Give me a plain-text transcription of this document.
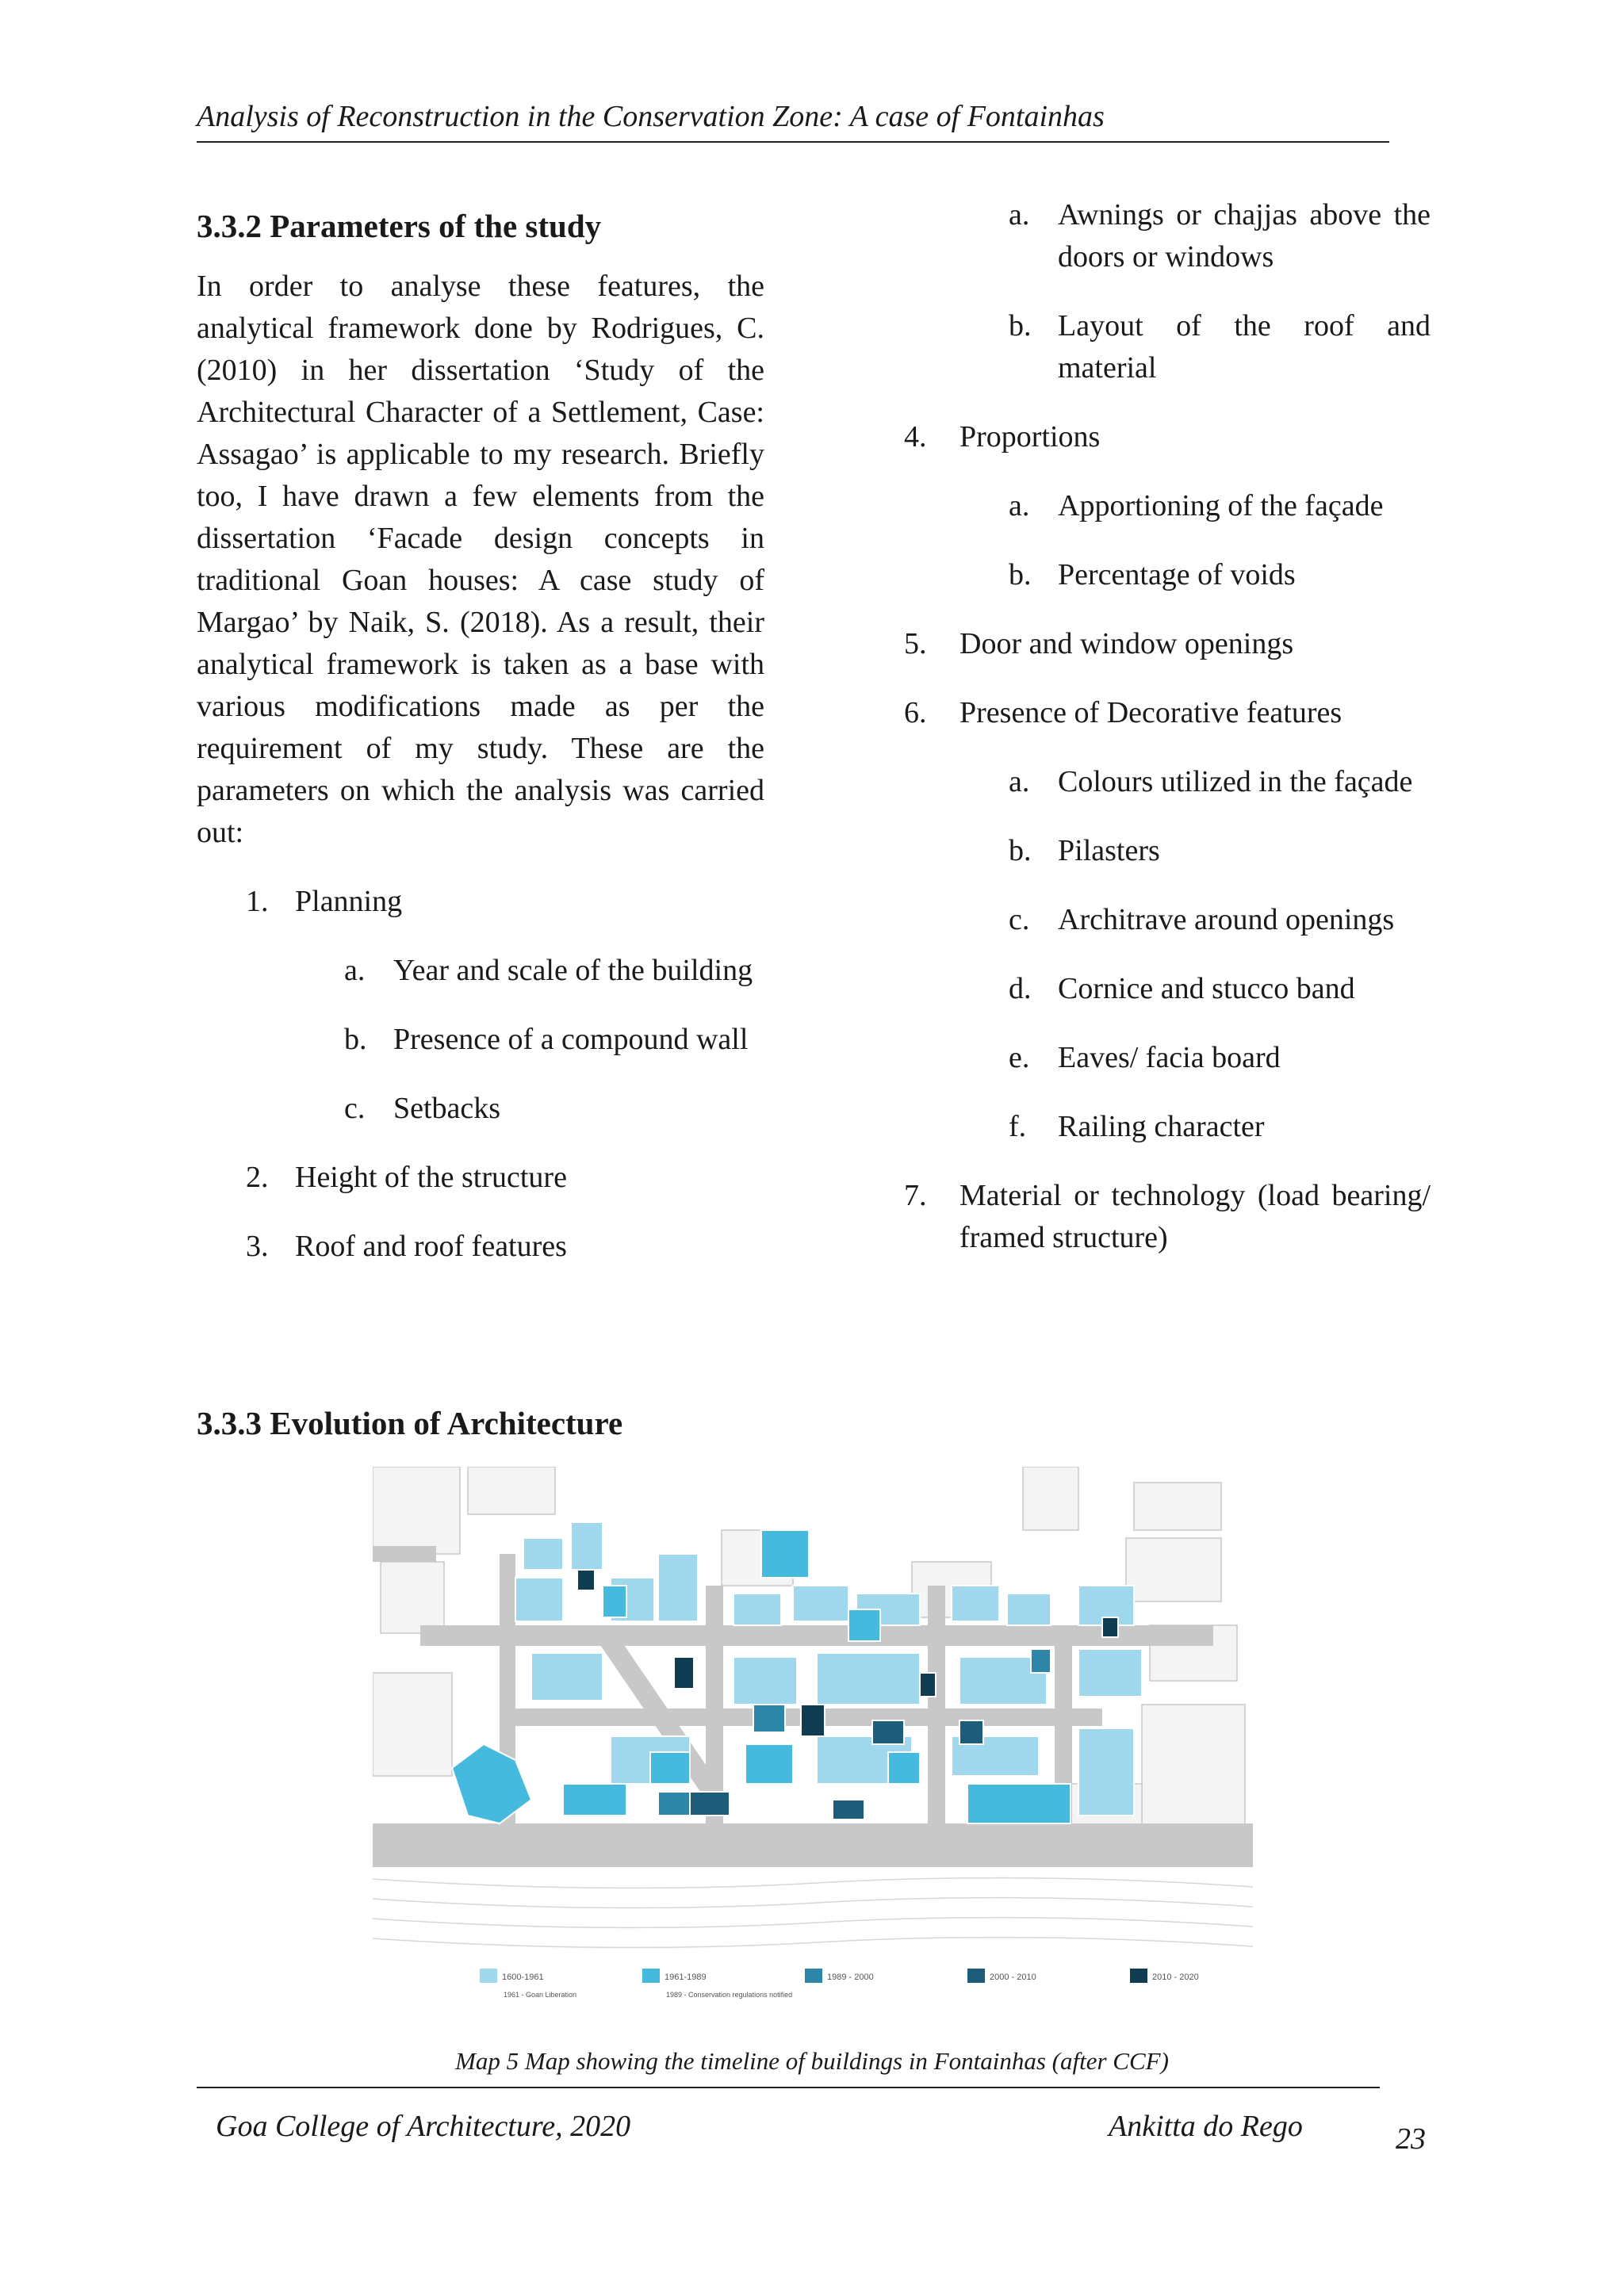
Analysis of Reconstruction in the Conservation Zone: A case of Fontainhas
3.3.2 Parameters of the study

In order to analyse these features, the analytical framework done by Rodrigues, C. (2010) in her dissertation ‘Study of the Architectural Character of a Settlement, Case: Assagao’ is applicable to my research. Briefly too, I have drawn a few elements from the dissertation ‘Facade design concepts in traditional Goan houses: A case study of Margao’ by Naik, S. (2018). As a result, their analytical framework is taken as a base with various modifications made as per the requirement of my study. These are the parameters on which the analysis was carried out:

1. Planning
a. Year and scale of the building
b. Presence of a compound wall
c. Setbacks
2. Height of the structure
3. Roof and roof features
a. Awnings or chajjas above the doors or windows
b. Layout of the roof and material
4.	Proportions
a. Apportioning of the façade
b. Percentage of voids
5.	Door and window openings
6.	Presence of Decorative features
a. Colours utilized in the façade
b. Pilasters
c. Architrave around openings
d. Cornice and stucco band
e. Eaves/ facia board
f.	Railing character
7.	Material or technology (load bearing/ framed structure)
3.3.3 Evolution of Architecture
1600-1961	1961-1989	1989 - 2000	2000 - 2010	2010 - 2020
1961 - Goan Liberation	1989 - Conservation regulations notified
Map 5 Map showing the timeline of buildings in Fontainhas (after CCF)
Goa College of Architecture, 2020	Ankitta do Rego	23
